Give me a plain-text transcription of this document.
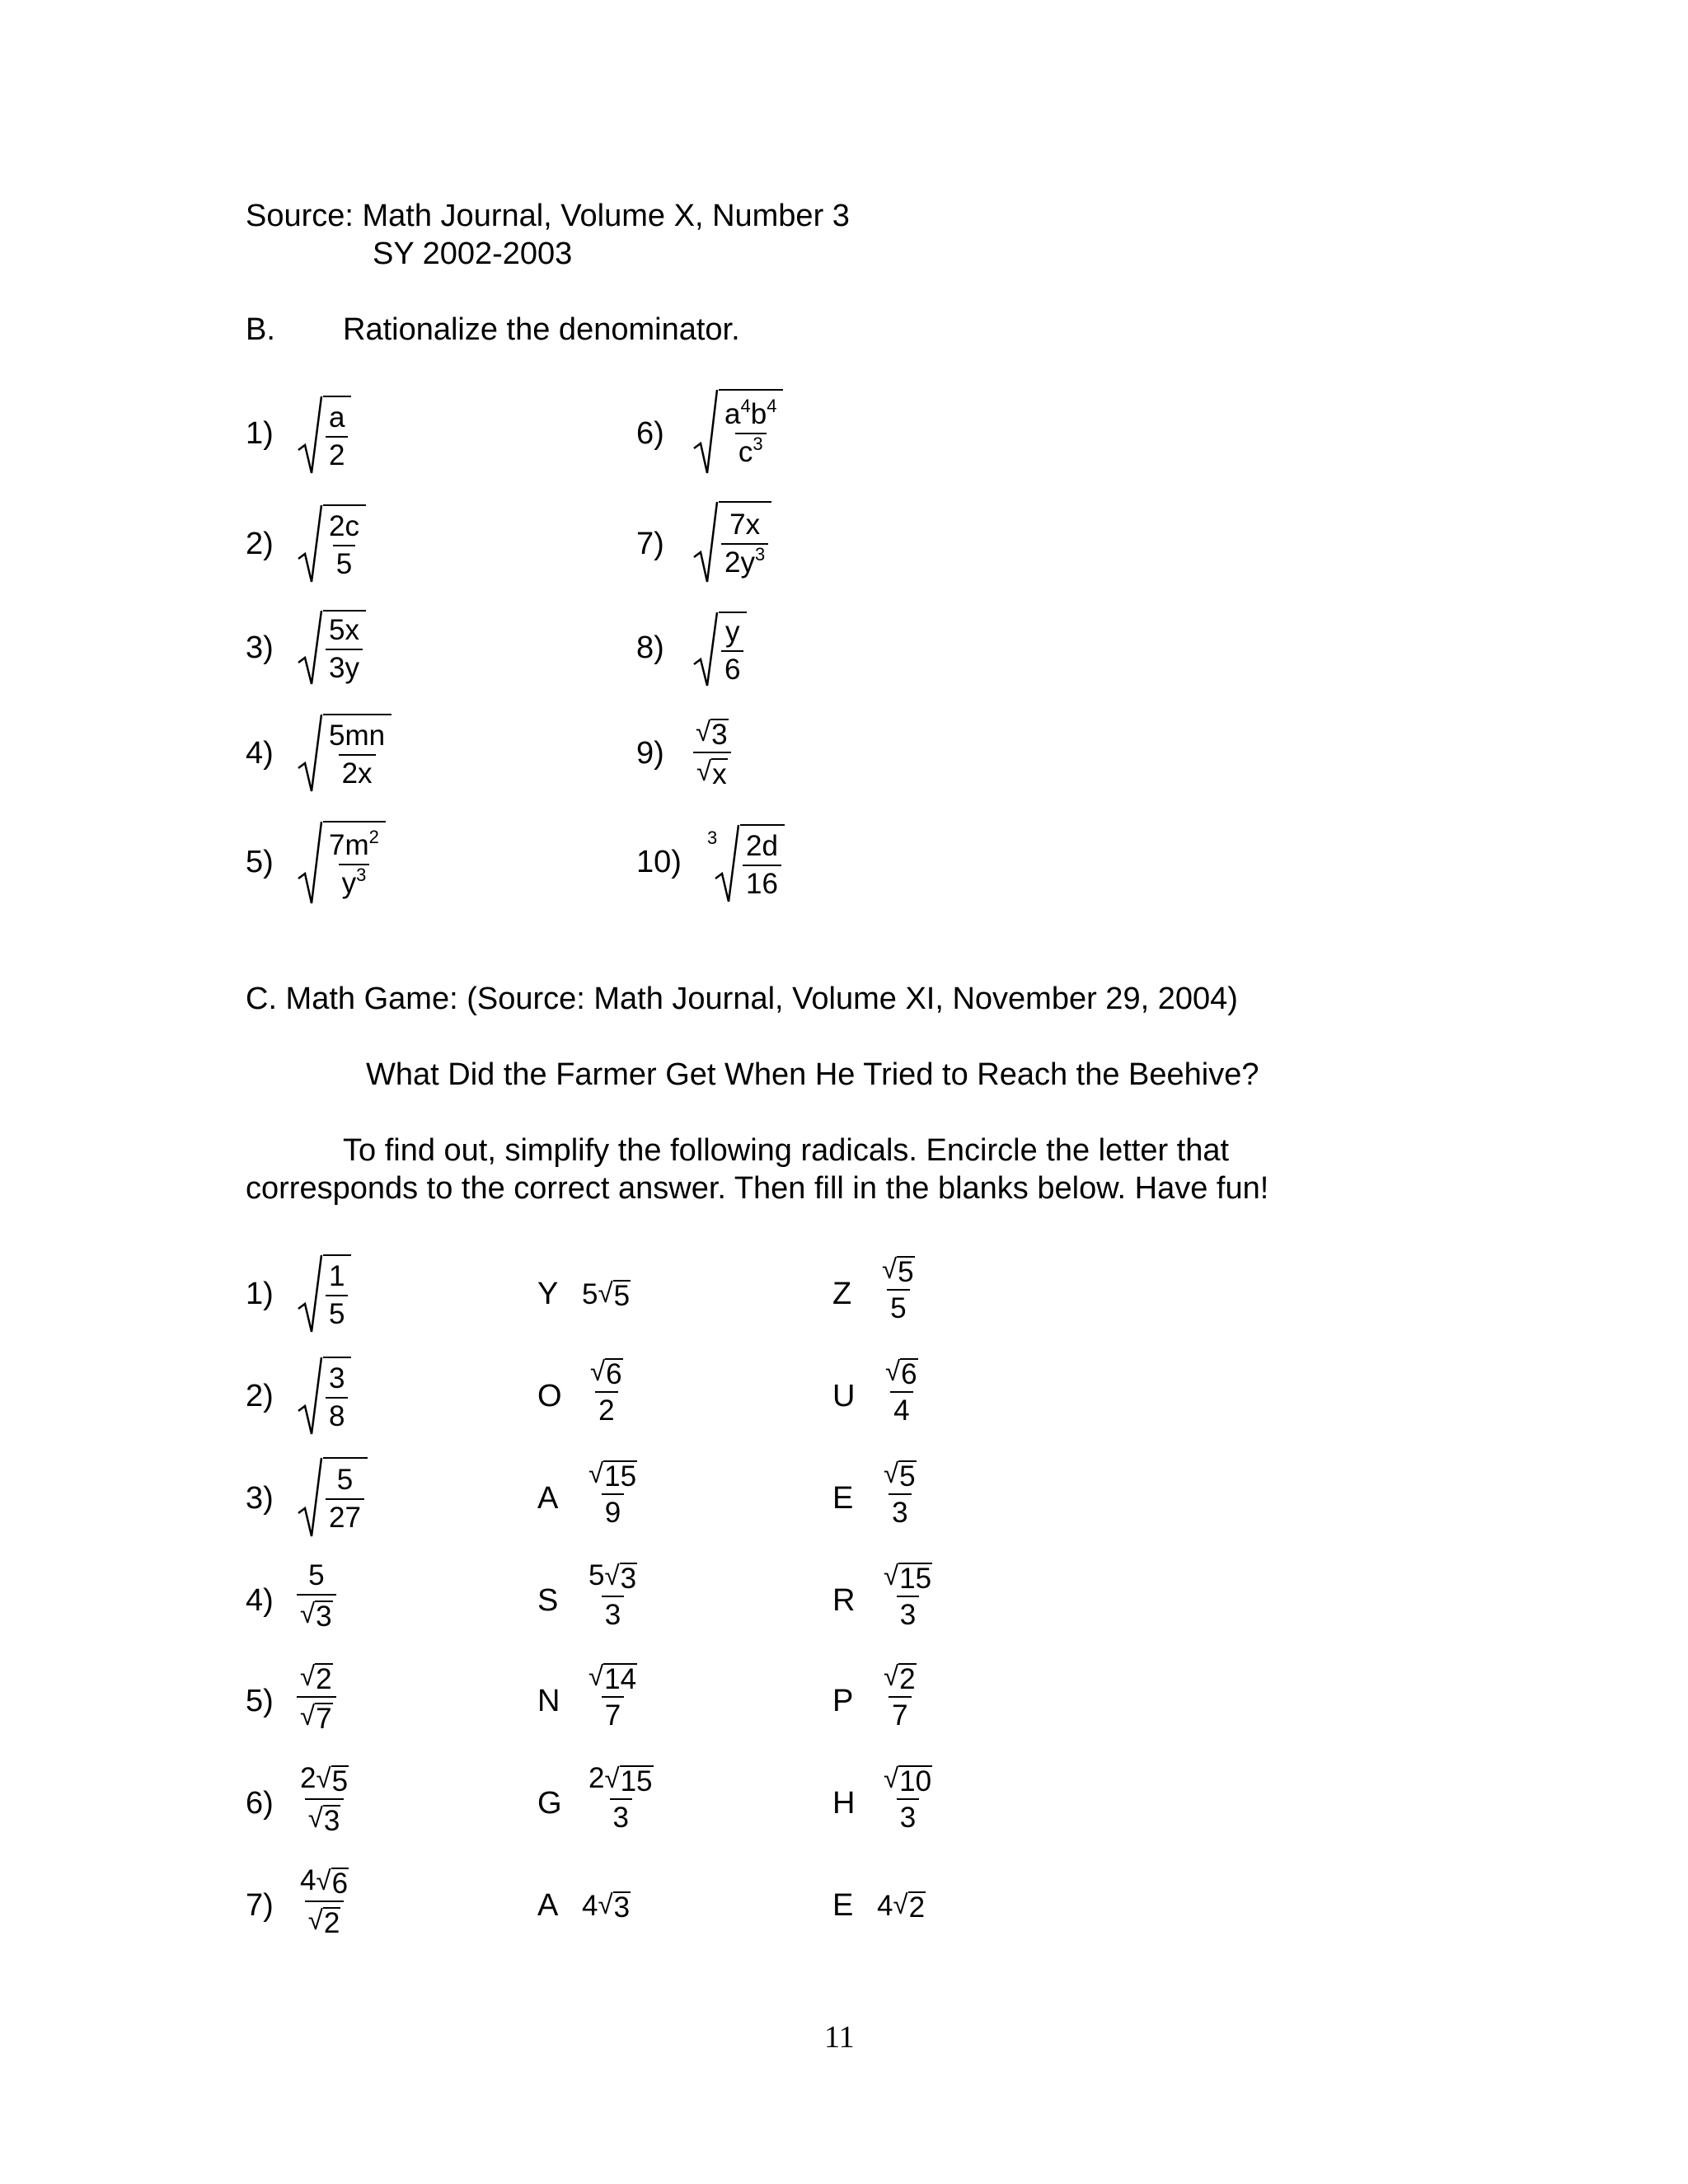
Source: Math Journal, Volume X, Number 3
SY 2002-2003
B. Rationalize the denominator.
$1) \frac{a}{2}$
$2) \frac{2c}{5}$
$3) \frac{5x}{3y}$
$4) \frac{5mn}{2x}$
$5) \frac{7m^2}{y^3}$
$6) \frac{a^4b^4}{c^3}$
$7) \frac{7x}{2y^3}$
$8) \frac{y}{6}$
$9) \frac{√ 3}{√ x}$
10)
$3 \frac{2d}{16}$
C. Math Game: (Source: Math Journal, Volume XI, November 29, 2004)
What Did the Farmer Get When He Tried to Reach the Beehive?
To find out, simplify the following radicals. Encircle the letter that
corresponds to the correct answer. Then fill in the blanks below. Have fun!
$1) \frac{1}{5}$	Y 5 √ 5	Z $\frac{√ 5}{5}$
$2) \frac{3}{8}$	O $\frac{√ 6}{2}$	U $\frac{√ 6}{4}$
$3) \frac{5}{27}$	A $\frac{√ 15}{9}$	E $\frac{√ 5}{3}$
$4) \frac{5}{√ 3}$	S $\frac{5 √ 3}{3}$	R $\frac{√ 15}{3}$
$5) \frac{√ 2}{√ 7}$	N $\frac{√ 14}{7}$	P $\frac{√ 2}{7}$
$6) \frac{2 √ 5}{√ 3}$	G $\frac{2 √ 15}{3}$	H $\frac{√ 10}{3}$
$7) \frac{4 √ 6}{√ 2}$	A 4 √ 3	E 4 √ 2
11
